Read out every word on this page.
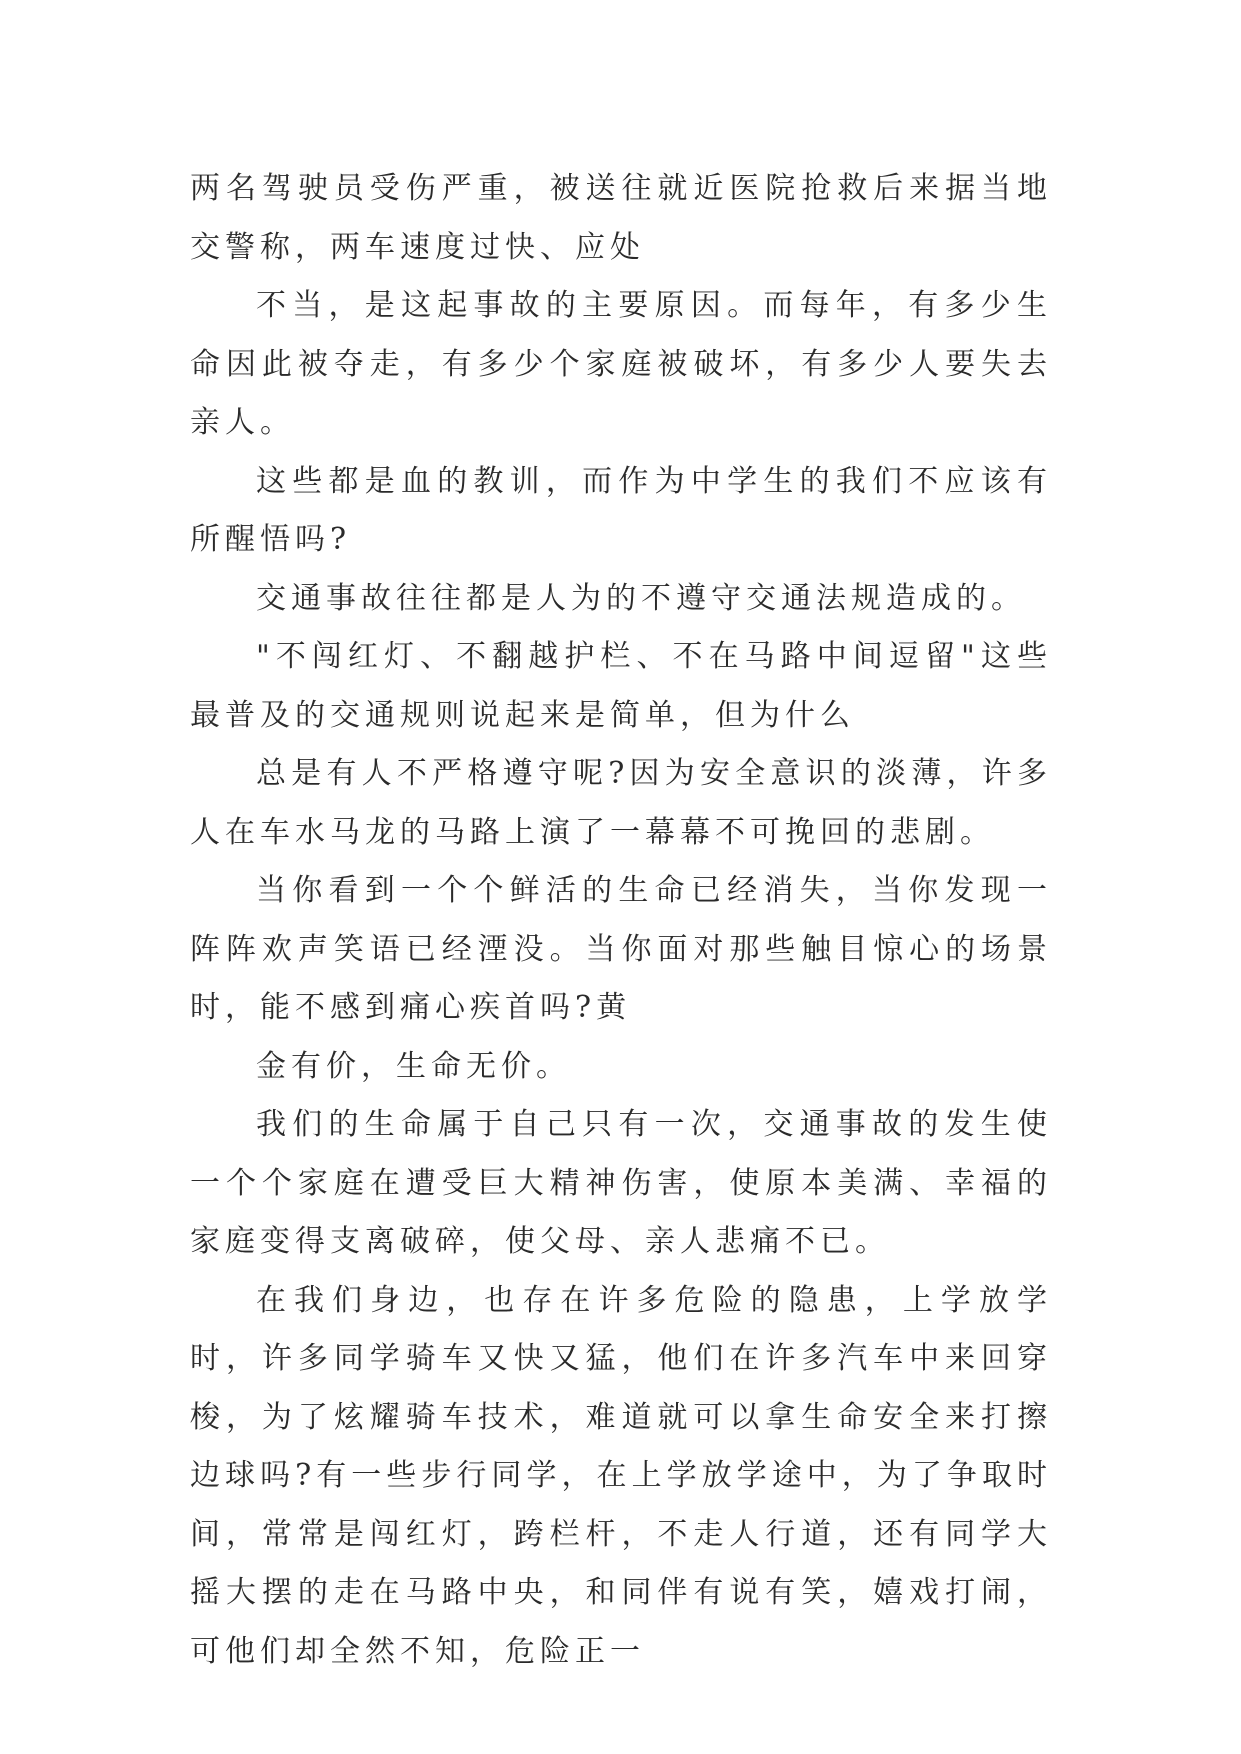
两名驾驶员受伤严重，被送往就近医院抢救后来据当地交警称，两车速度过快、应处

不当，是这起事故的主要原因。而每年，有多少生命因此被夺走，有多少个家庭被破坏，有多少人要失去亲人。

这些都是血的教训，而作为中学生的我们不应该有所醒悟吗?

交通事故往往都是人为的不遵守交通法规造成的。

"不闯红灯、不翻越护栏、不在马路中间逗留"这些最普及的交通规则说起来是简单，但为什么

总是有人不严格遵守呢?因为安全意识的淡薄，许多人在车水马龙的马路上演了一幕幕不可挽回的悲剧。

当你看到一个个鲜活的生命已经消失，当你发现一阵阵欢声笑语已经湮没。当你面对那些触目惊心的场景时，能不感到痛心疾首吗?黄

金有价，生命无价。

我们的生命属于自己只有一次，交通事故的发生使一个个家庭在遭受巨大精神伤害，使原本美满、幸福的家庭变得支离破碎，使父母、亲人悲痛不已。

在我们身边，也存在许多危险的隐患，上学放学时，许多同学骑车又快又猛，他们在许多汽车中来回穿梭，为了炫耀骑车技术，难道就可以拿生命安全来打擦边球吗?有一些步行同学，在上学放学途中，为了争取时间，常常是闯红灯，跨栏杆，不走人行道，还有同学大摇大摆的走在马路中央，和同伴有说有笑，嬉戏打闹，可他们却全然不知，危险正一
